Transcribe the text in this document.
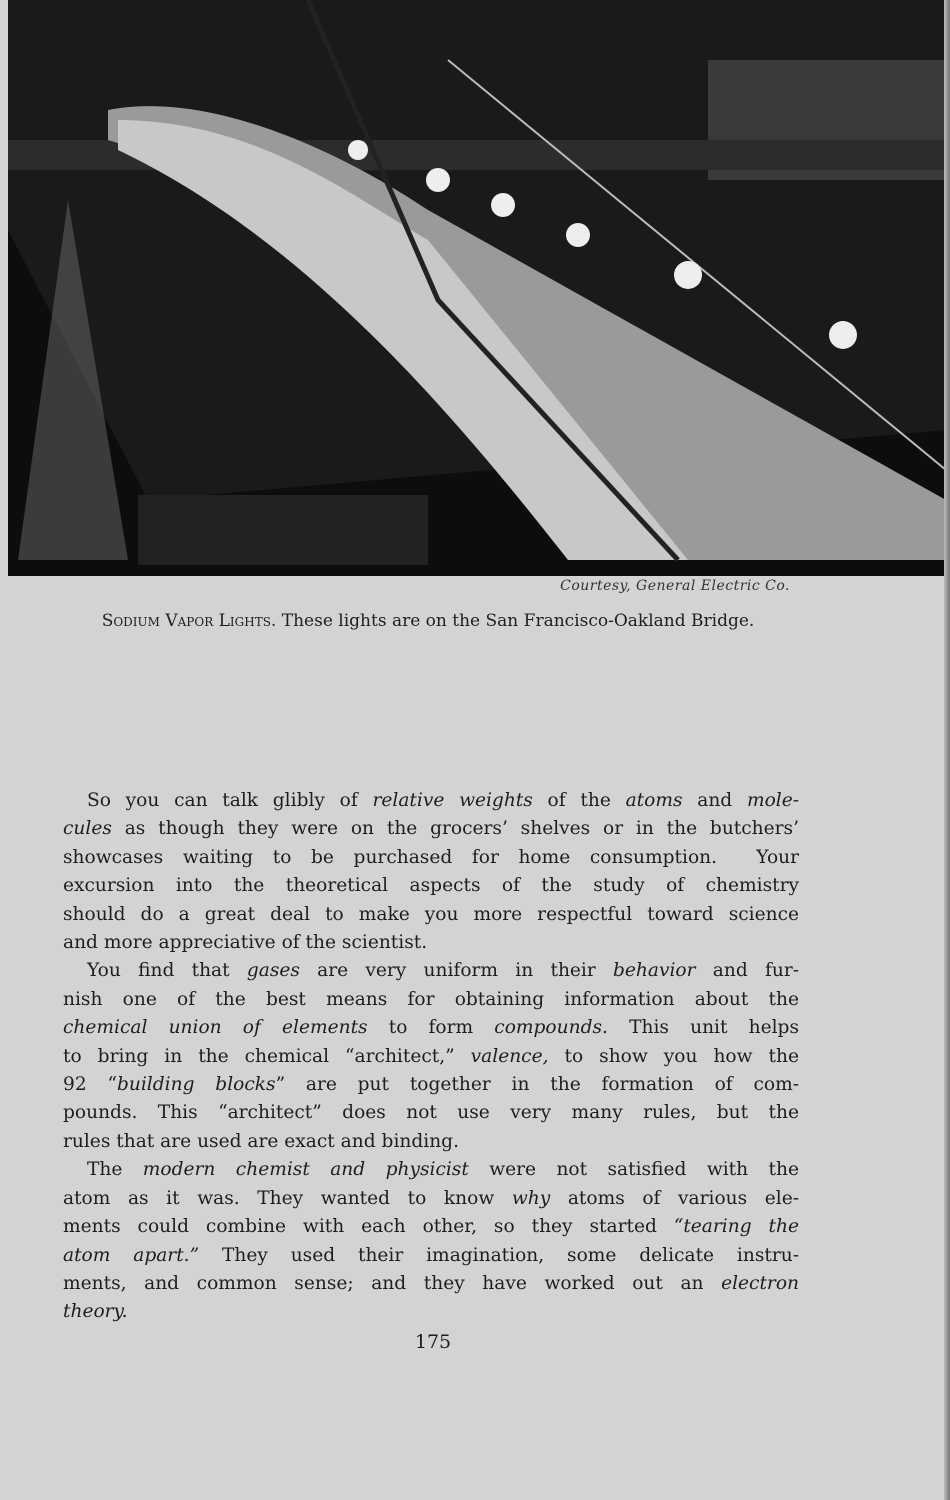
Courtesy, General Electric Co.
Sodium Vapor Lights. These lights are on the San Francisco-Oakland Bridge.
So you can talk glibly of relative weights of the atoms and mole-
cules as though they were on the grocers’ shelves or in the butchers’
showcases waiting to be purchased for home consumption.  Your
excursion into the theoretical aspects of the study of chemistry
should do a great deal to make you more respectful toward science
and more appreciative of the scientist.
You find that gases are very uniform in their behavior and fur-
nish one of the best means for obtaining information about the
chemical union of elements to form compounds. This unit helps
to bring in the chemical “architect,” valence, to show you how the
92 “building blocks” are put together in the formation of com-
pounds. This “architect” does not use very many rules, but the
rules that are used are exact and binding.
The modern chemist and physicist were not satisfied with the
atom as it was. They wanted to know why atoms of various ele-
ments could combine with each other, so they started “tearing the
atom apart.” They used their imagination, some delicate instru-
ments, and common sense; and they have worked out an electron
theory.
175
